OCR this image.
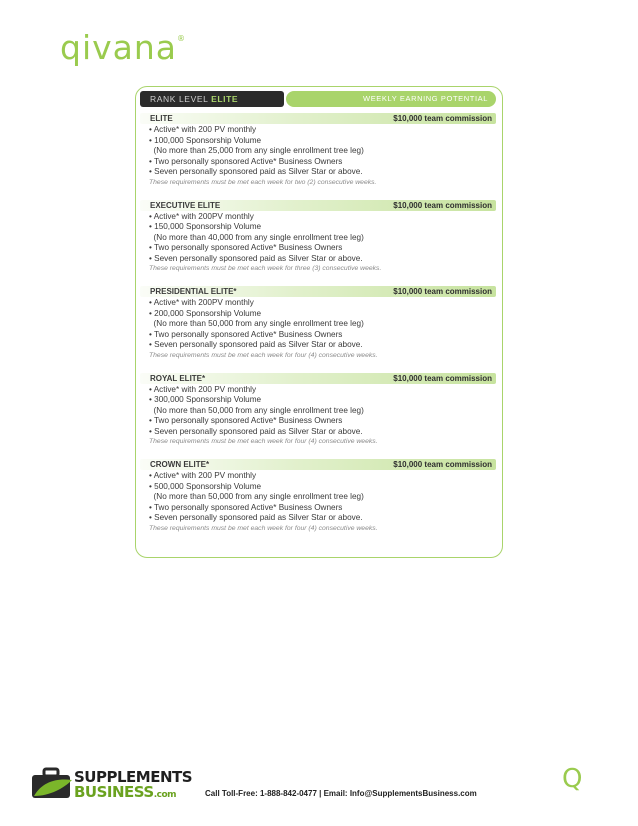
qivana®
RANK LEVEL ELITE	WEEKLY EARNING POTENTIAL
ELITE	$10,000 team commission
• Active* with 200 PV monthly
• 100,000 Sponsorship Volume
(No more than 25,000 from any single enrollment tree leg)
• Two personally sponsored Active* Business Owners
• Seven personally sponsored paid as Silver Star or above.
These requirements must be met each week for two (2) consecutive weeks.
EXECUTIVE ELITE	$10,000 team commission
• Active* with 200PV monthly
• 150,000 Sponsorship Volume
(No more than 40,000 from any single enrollment tree leg)
• Two personally sponsored Active* Business Owners
• Seven personally sponsored paid as Silver Star or above.
These requirements must be met each week for three (3) consecutive weeks.
PRESIDENTIAL ELITE*	$10,000 team commission
• Active* with 200PV monthly
• 200,000 Sponsorship Volume
(No more than 50,000 from any single enrollment tree leg)
• Two personally sponsored Active* Business Owners
• Seven personally sponsored paid as Silver Star or above.
These requirements must be met each week for four (4) consecutive weeks.
ROYAL ELITE*	$10,000 team commission
• Active* with 200 PV monthly
• 300,000 Sponsorship Volume
(No more than 50,000 from any single enrollment tree leg)
• Two personally sponsored Active* Business Owners
• Seven personally sponsored paid as Silver Star or above.
These requirements must be met each week for four (4) consecutive weeks.
CROWN ELITE*	$10,000 team commission
• Active* with 200 PV monthly
• 500,000 Sponsorship Volume
(No more than 50,000 from any single enrollment tree leg)
• Two personally sponsored Active* Business Owners
• Seven personally sponsored paid as Silver Star or above.
These requirements must be met each week for four (4) consecutive weeks.
SUPPLEMENTS
BUSINESS.com	Call Toll-Free: 1-888-842-0477 | Email: Info@SupplementsBusiness.com	Q
